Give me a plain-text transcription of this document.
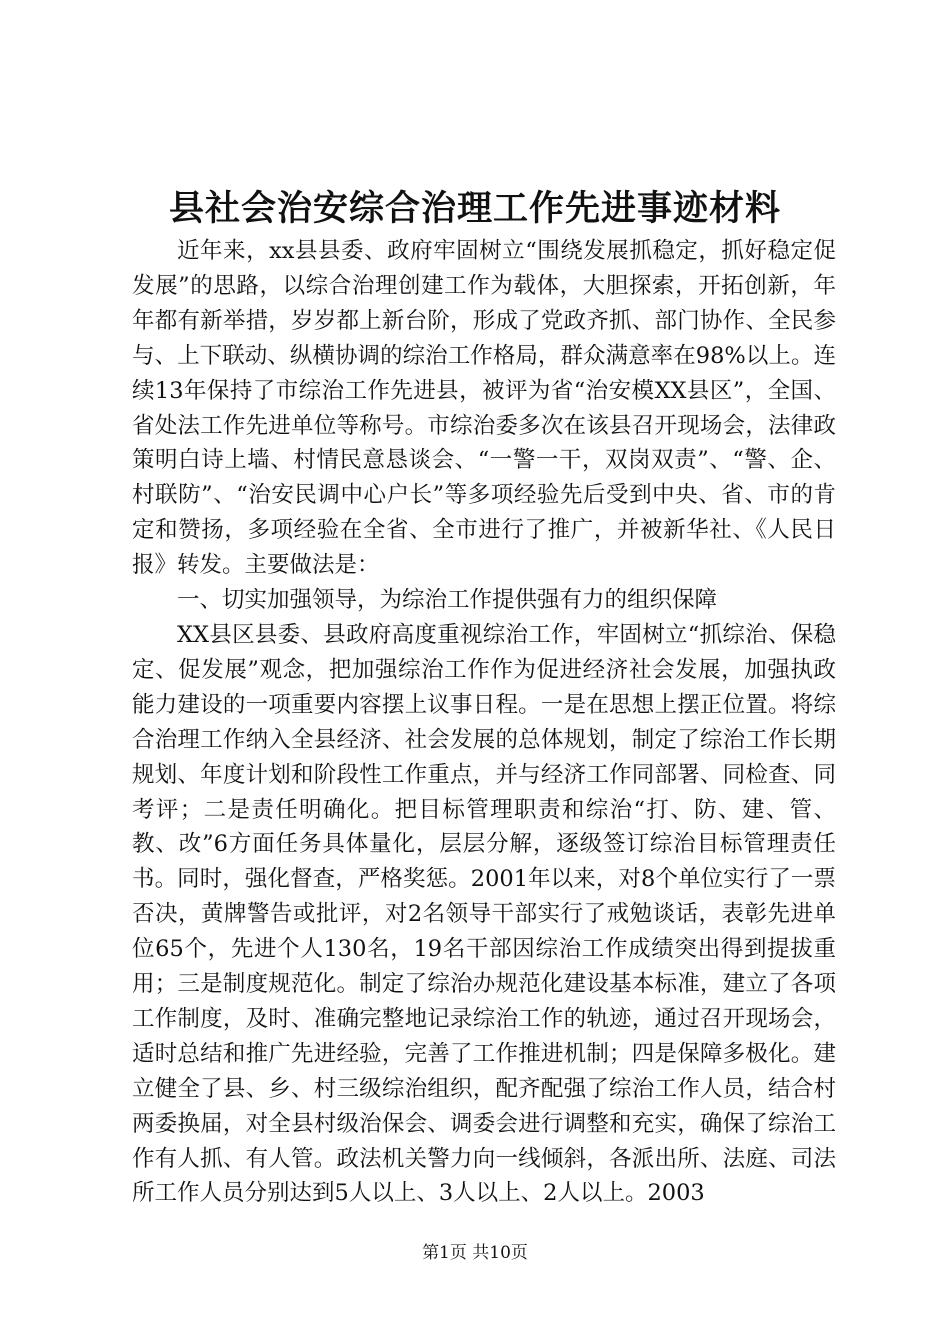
县社会治安综合治理工作先进事迹材料

近年来，xx县县委、政府牢固树立“围绕发展抓稳定，抓好稳定促发展”的思路，以综合治理创建工作为载体，大胆探索，开拓创新，年年都有新举措，岁岁都上新台阶，形成了党政齐抓、部门协作、全民参与、上下联动、纵横协调的综治工作格局，群众满意率在98%以上。连续13年保持了市综治工作先进县，被评为省“治安模XX县区”，全国、省处法工作先进单位等称号。市综治委多次在该县召开现场会，法律政策明白诗上墙、村情民意恳谈会、“一警一干，双岗双责”、“警、企、村联防”、“治安民调中心户长”等多项经验先后受到中央、省、市的肯定和赞扬，多项经验在全省、全市进行了推广，并被新华社、《人民日报》转发。主要做法是：

一、切实加强领导，为综治工作提供强有力的组织保障

XX县区县委、县政府高度重视综治工作，牢固树立“抓综治、保稳定、促发展”观念，把加强综治工作作为促进经济社会发展，加强执政能力建设的一项重要内容摆上议事日程。一是在思想上摆正位置。将综合治理工作纳入全县经济、社会发展的总体规划，制定了综治工作长期规划、年度计划和阶段性工作重点，并与经济工作同部署、同检查、同考评；二是责任明确化。把目标管理职责和综治“打、防、建、管、教、改”6方面任务具体量化，层层分解，逐级签订综治目标管理责任书。同时，强化督查，严格奖惩。2001年以来，对8个单位实行了一票否决，黄牌警告或批评，对2名领导干部实行了戒勉谈话，表彰先进单位65个，先进个人130名，19名干部因综治工作成绩突出得到提拔重用；三是制度规范化。制定了综治办规范化建设基本标准，建立了各项工作制度，及时、准确完整地记录综治工作的轨迹，通过召开现场会，适时总结和推广先进经验，完善了工作推进机制；四是保障多极化。建立健全了县、乡、村三级综治组织，配齐配强了综治工作人员，结合村两委换届，对全县村级治保会、调委会进行调整和充实，确保了综治工作有人抓、有人管。政法机关警力向一线倾斜，各派出所、法庭、司法所工作人员分别达到5人以上、3人以上、2人以上。2003

第1页 共10页
